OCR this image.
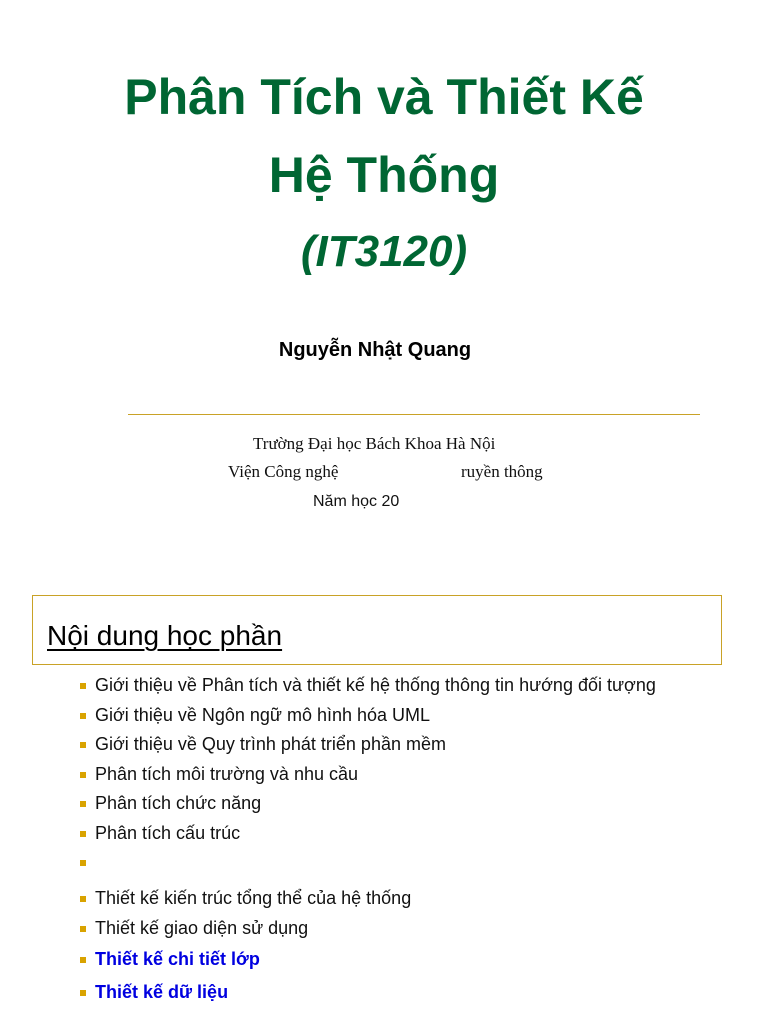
Phân Tích và Thiết Kế
Hệ Thống
(IT3120)
Nguyễn Nhật Quang
Trường Đại học Bách Khoa Hà Nội
Viện Công nghệ	ruyền thông
Năm học 20
Nội dung học phần
Giới thiệu về Phân tích và thiết kế hệ thống thông tin hướng đối tượng
Giới thiệu về Ngôn ngữ mô hình hóa UML
Giới thiệu về Quy trình phát triển phần mềm
Phân tích môi trường và nhu cầu
Phân tích chức năng
Phân tích cấu trúc
Thiết kế kiến trúc tổng thể của hệ thống
Thiết kế giao diện sử dụng
Thiết kế chi tiết lớp
Thiết kế dữ liệu
